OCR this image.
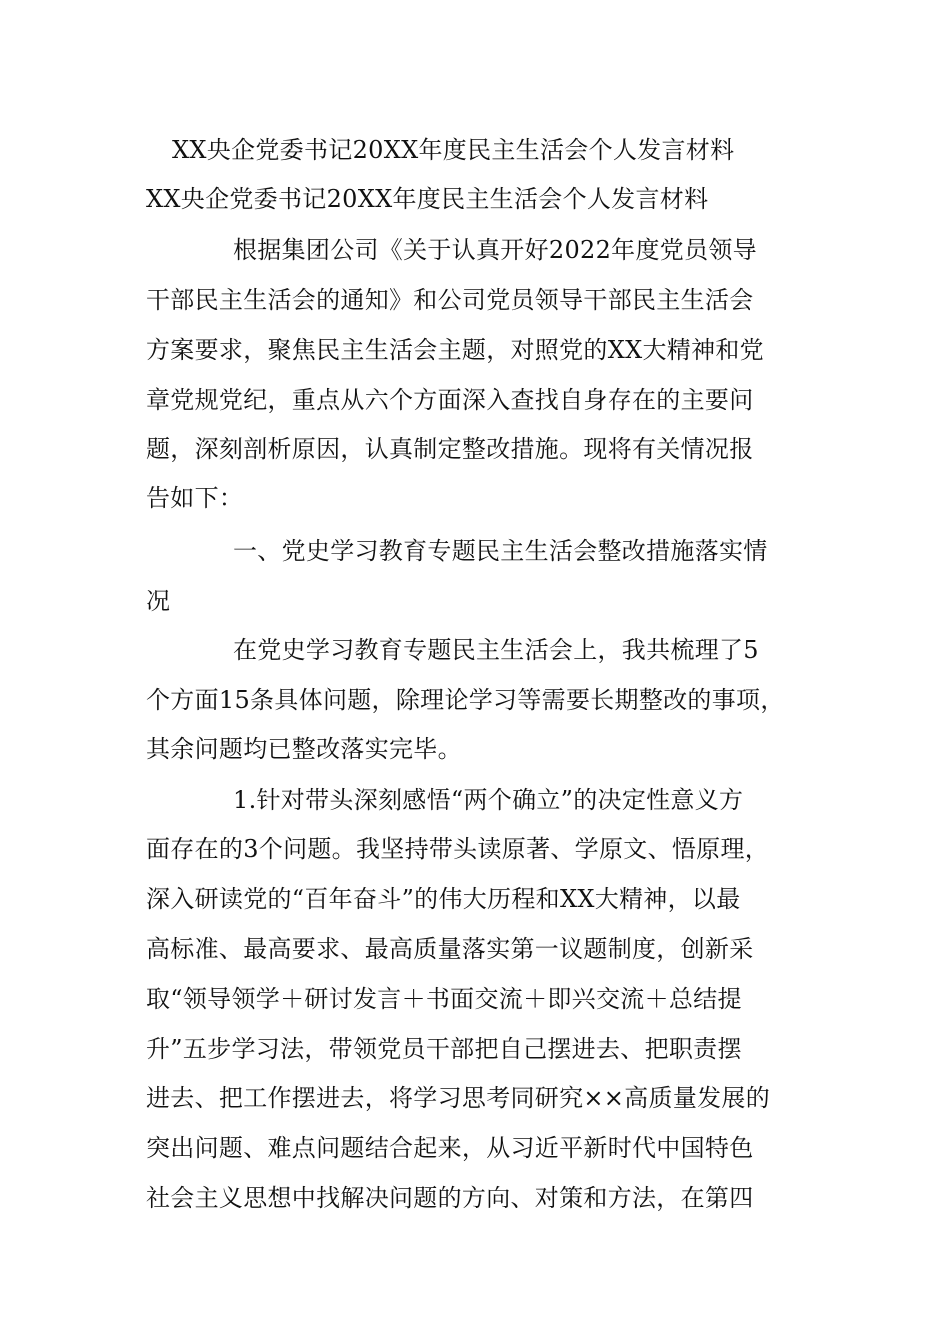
XX央企党委书记20XX年度民主生活会个人发言材料
XX央企党委书记20XX年度民主生活会个人发言材料
根据集团公司《关于认真开好2022年度党员领导
干部民主生活会的通知》和公司党员领导干部民主生活会
方案要求，聚焦民主生活会主题，对照党的XX大精神和党
章党规党纪，重点从六个方面深入查找自身存在的主要问
题，深刻剖析原因，认真制定整改措施。现将有关情况报
告如下：
一、党史学习教育专题民主生活会整改措施落实情
况
在党史学习教育专题民主生活会上，我共梳理了5
个方面15条具体问题，除理论学习等需要长期整改的事项，
其余问题均已整改落实完毕。
1.针对带头深刻感悟“两个确立”的决定性意义方
面存在的3个问题。我坚持带头读原著、学原文、悟原理，
深入研读党的“百年奋斗”的伟大历程和XX大精神，以最
高标准、最高要求、最高质量落实第一议题制度，创新采
取“领导领学＋研讨发言＋书面交流＋即兴交流＋总结提
升”五步学习法，带领党员干部把自己摆进去、把职责摆
进去、把工作摆进去，将学习思考同研究××高质量发展的
突出问题、难点问题结合起来，从习近平新时代中国特色
社会主义思想中找解决问题的方向、对策和方法，在第四
